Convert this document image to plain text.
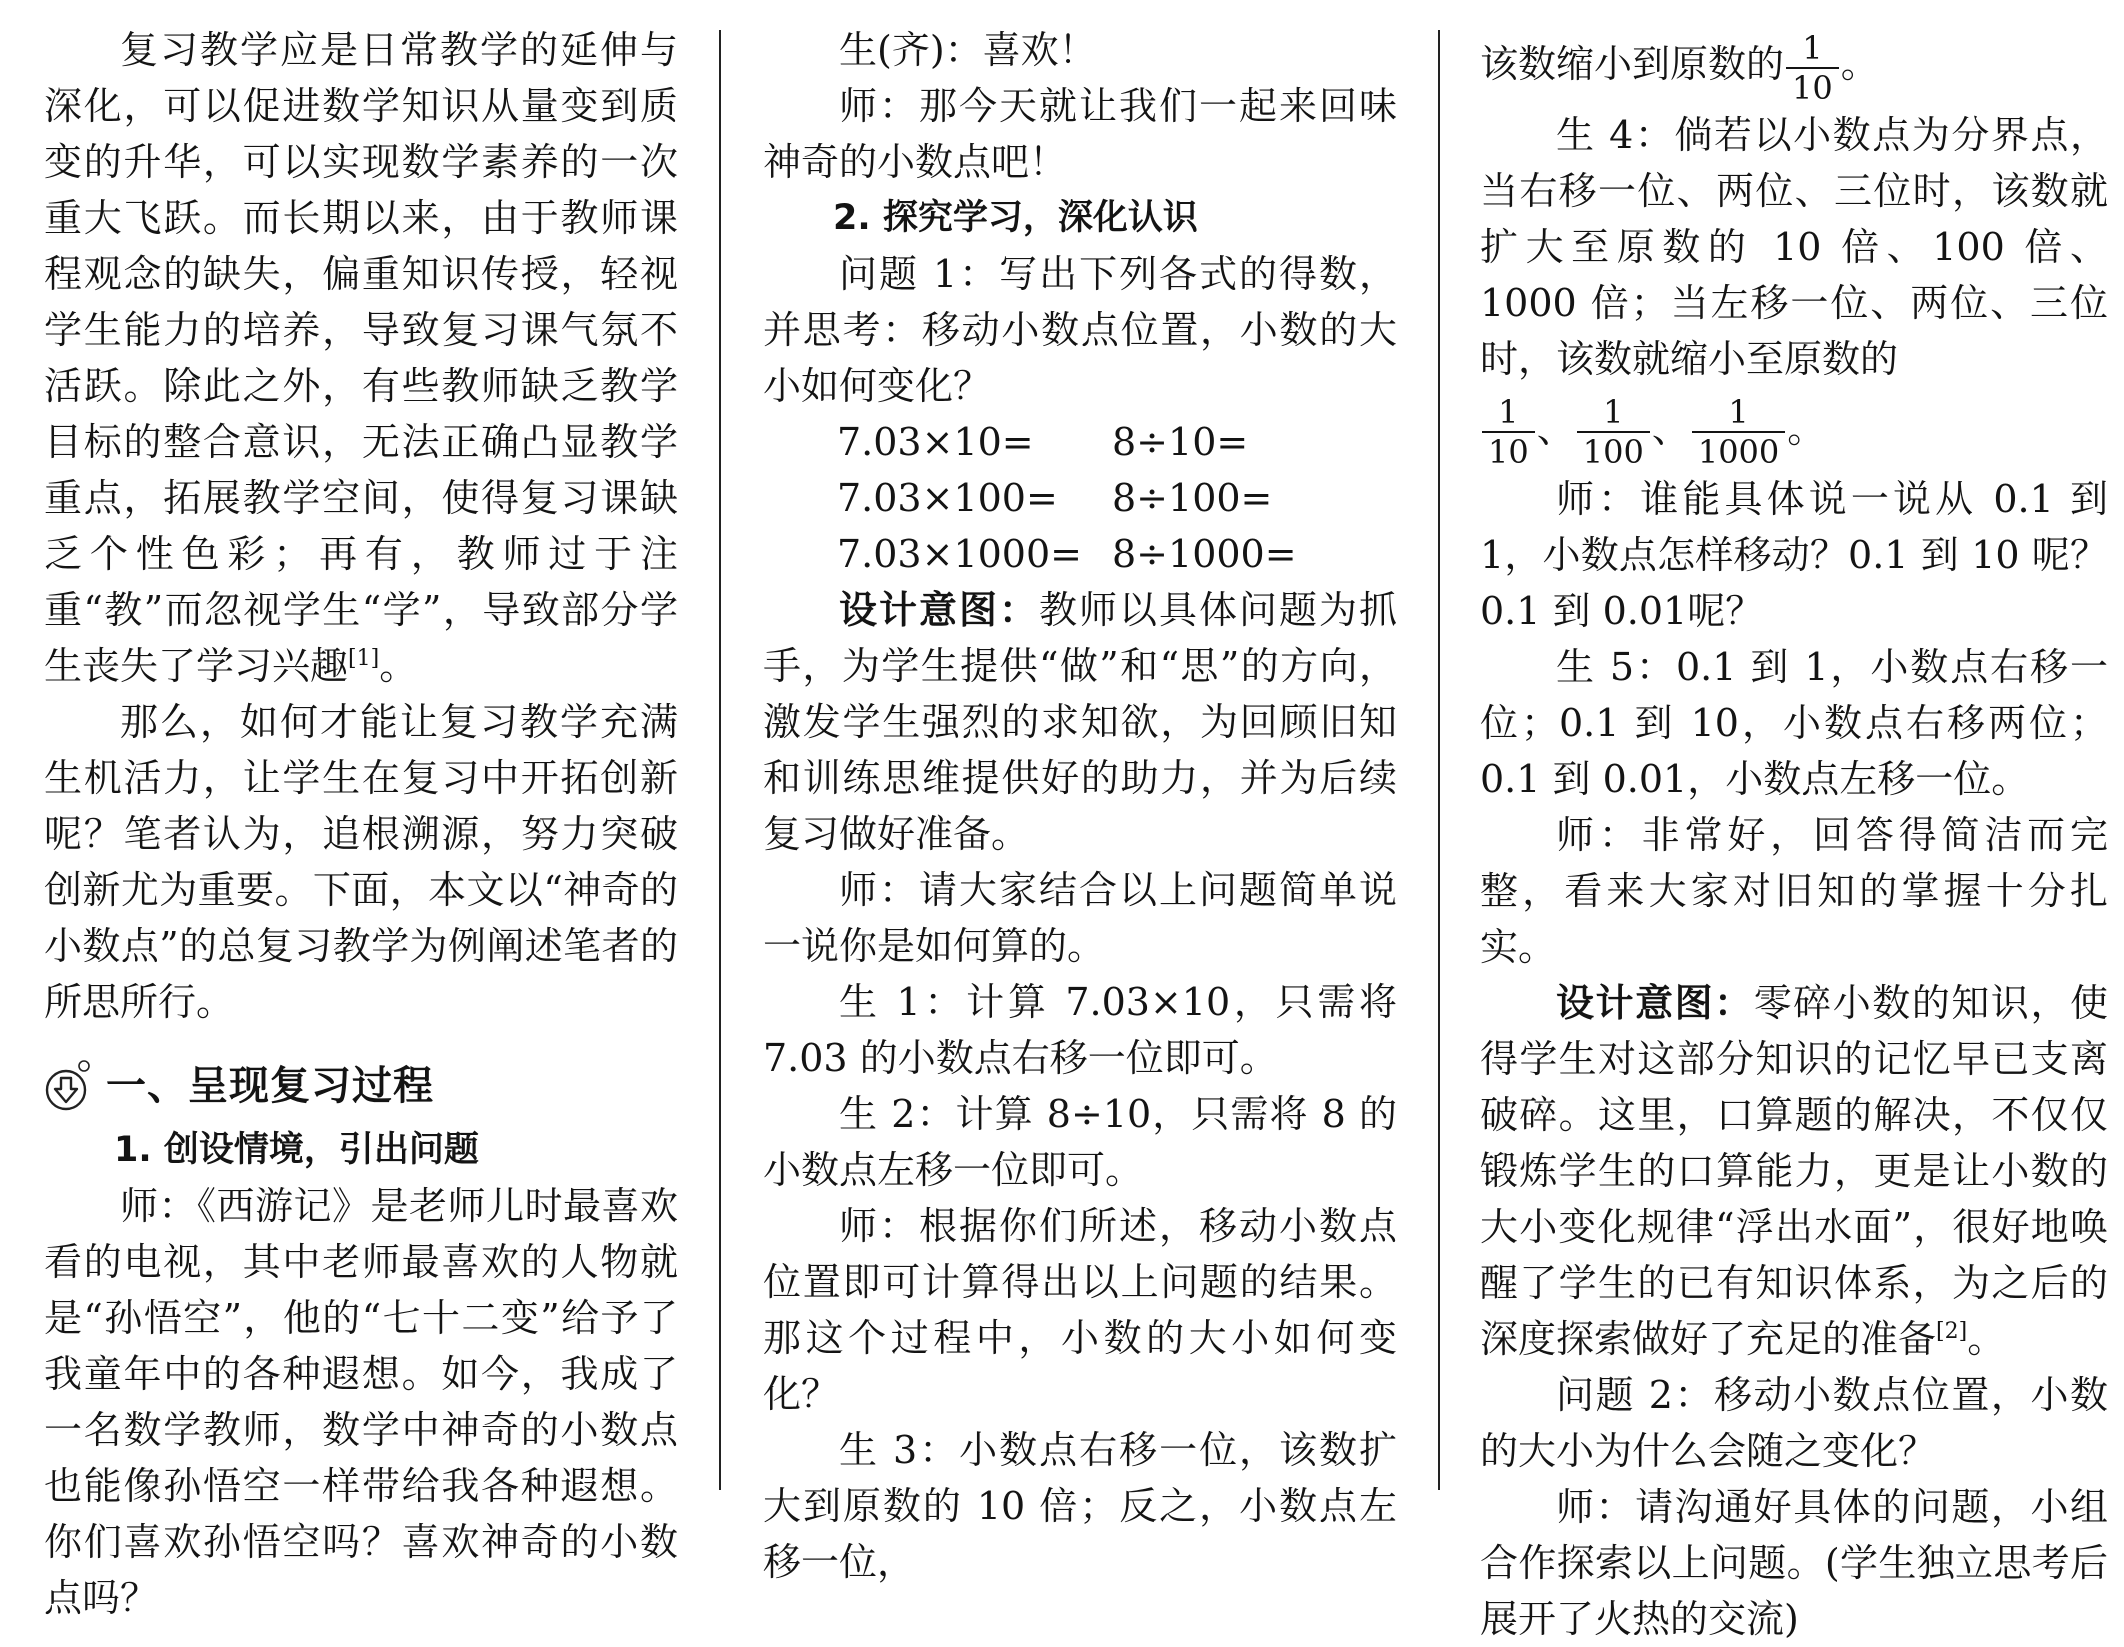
复习教学应是日常教学的延伸与深化，可以促进数学知识从量变到质变的升华，可以实现数学素养的一次重大飞跃。而长期以来，由于教师课程观念的缺失，偏重知识传授，轻视学生能力的培养，导致复习课气氛不活跃。除此之外，有些教师缺乏教学目标的整合意识，无法正确凸显教学重点，拓展教学空间，使得复习课缺乏个性色彩；再有，教师过于注重“教”而忽视学生“学”，导致部分学生丧失了学习兴趣[1]。

那么，如何才能让复习教学充满生机活力，让学生在复习中开拓创新呢？笔者认为，追根溯源，努力突破创新尤为重要。下面，本文以“神奇的小数点”的总复习教学为例阐述笔者的所思所行。

一、呈现复习过程
1. 创设情境，引出问题

师：《西游记》是老师儿时最喜欢看的电视，其中老师最喜欢的人物就是“孙悟空”，他的“七十二变”给予了我童年中的各种遐想。如今，我成了一名数学教师，数学中神奇的小数点也能像孙悟空一样带给我各种遐想。你们喜欢孙悟空吗？喜欢神奇的小数点吗？

生(齐)：喜欢！

师：那今天就让我们一起来回味神奇的小数点吧！

2. 探究学习，深化认识

问题 1：写出下列各式的得数，并思考：移动小数点位置，小数的大小如何变化？

7.03×10=	8÷10=
7.03×100=	8÷100=
7.03×1000= 8÷1000=

设计意图：教师以具体问题为抓手，为学生提供“做”和“思”的方向，激发学生强烈的求知欲，为回顾旧知和训练思维提供好的助力，并为后续复习做好准备。

师：请大家结合以上问题简单说一说你是如何算的。

生 1：计算 7.03×10，只需将 7.03 的小数点右移一位即可。

生 2：计算 8÷10，只需将 8 的小数点左移一位即可。

师：根据你们所述，移动小数点位置即可计算得出以上问题的结果。那这个过程中，小数的大小如何变化？

生 3：小数点右移一位，该数扩大到原数的 10 倍；反之，小数点左移一位，

该数缩小到原数的 $\frac{1}{10}$ 。

生 4：倘若以小数点为分界点，当右移一位、两位、三位时，该数就扩大至原数的 10 倍、100 倍、1000 倍；当左移一位、两位、三位时，该数就缩小至原数的

$\frac{1}{10}$ 、 $\frac{1}{100}$ 、 $\frac{1}{1000}$ 。

师：谁能具体说一说从 0.1 到 1，小数点怎样移动？0.1 到 10 呢？0.1 到 0.01呢？

生 5：0.1 到 1，小数点右移一位；0.1 到 10，小数点右移两位；0.1 到 0.01，小数点左移一位。

师：非常好，回答得简洁而完整，看来大家对旧知的掌握十分扎实。

设计意图：零碎小数的知识，使得学生对这部分知识的记忆早已支离破碎。这里，口算题的解决，不仅仅锻炼学生的口算能力，更是让小数的大小变化规律“浮出水面”，很好地唤醒了学生的已有知识体系，为之后的深度探索做好了充足的准备[2]。

问题 2：移动小数点位置，小数的大小为什么会随之变化？

师：请沟通好具体的问题，小组合作探索以上问题。(学生独立思考后展开了火热的交流)
